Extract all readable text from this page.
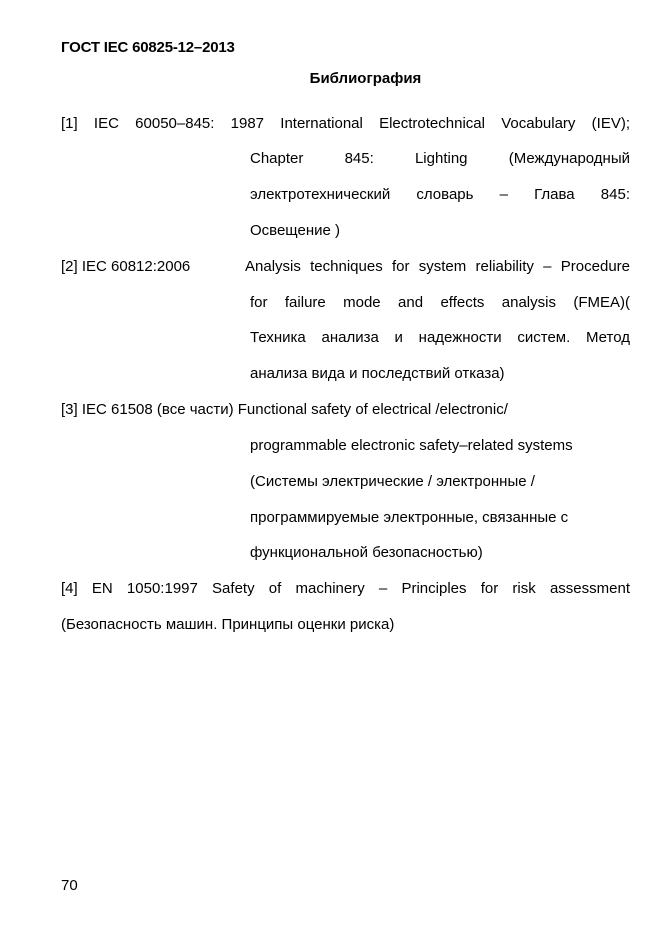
ГОСТ IEC 60825-12–2013
Библиография
[1] IEC 60050–845: 1987 International Electrotechnical Vocabulary (IEV);
Chapter 845: Lighting (Международный
электротехнический словарь – Глава 845:
Освещение )
[2] IEC 60812:2006	Analysis techniques for system reliability – Procedure
for failure mode and effects analysis (FMEA)(
Техника анализа и надежности систем. Метод
анализа вида и последствий отказа)
[3] IEC 61508 (все части) Functional safety of electrical /electronic/
programmable electronic safety–related systems
(Системы электрические / электронные /
программируемые электронные, связанные с
функциональной безопасностью)
[4] EN 1050:1997 Safety of machinery – Principles for risk assessment
(Безопасность машин. Принципы оценки риска)
70
